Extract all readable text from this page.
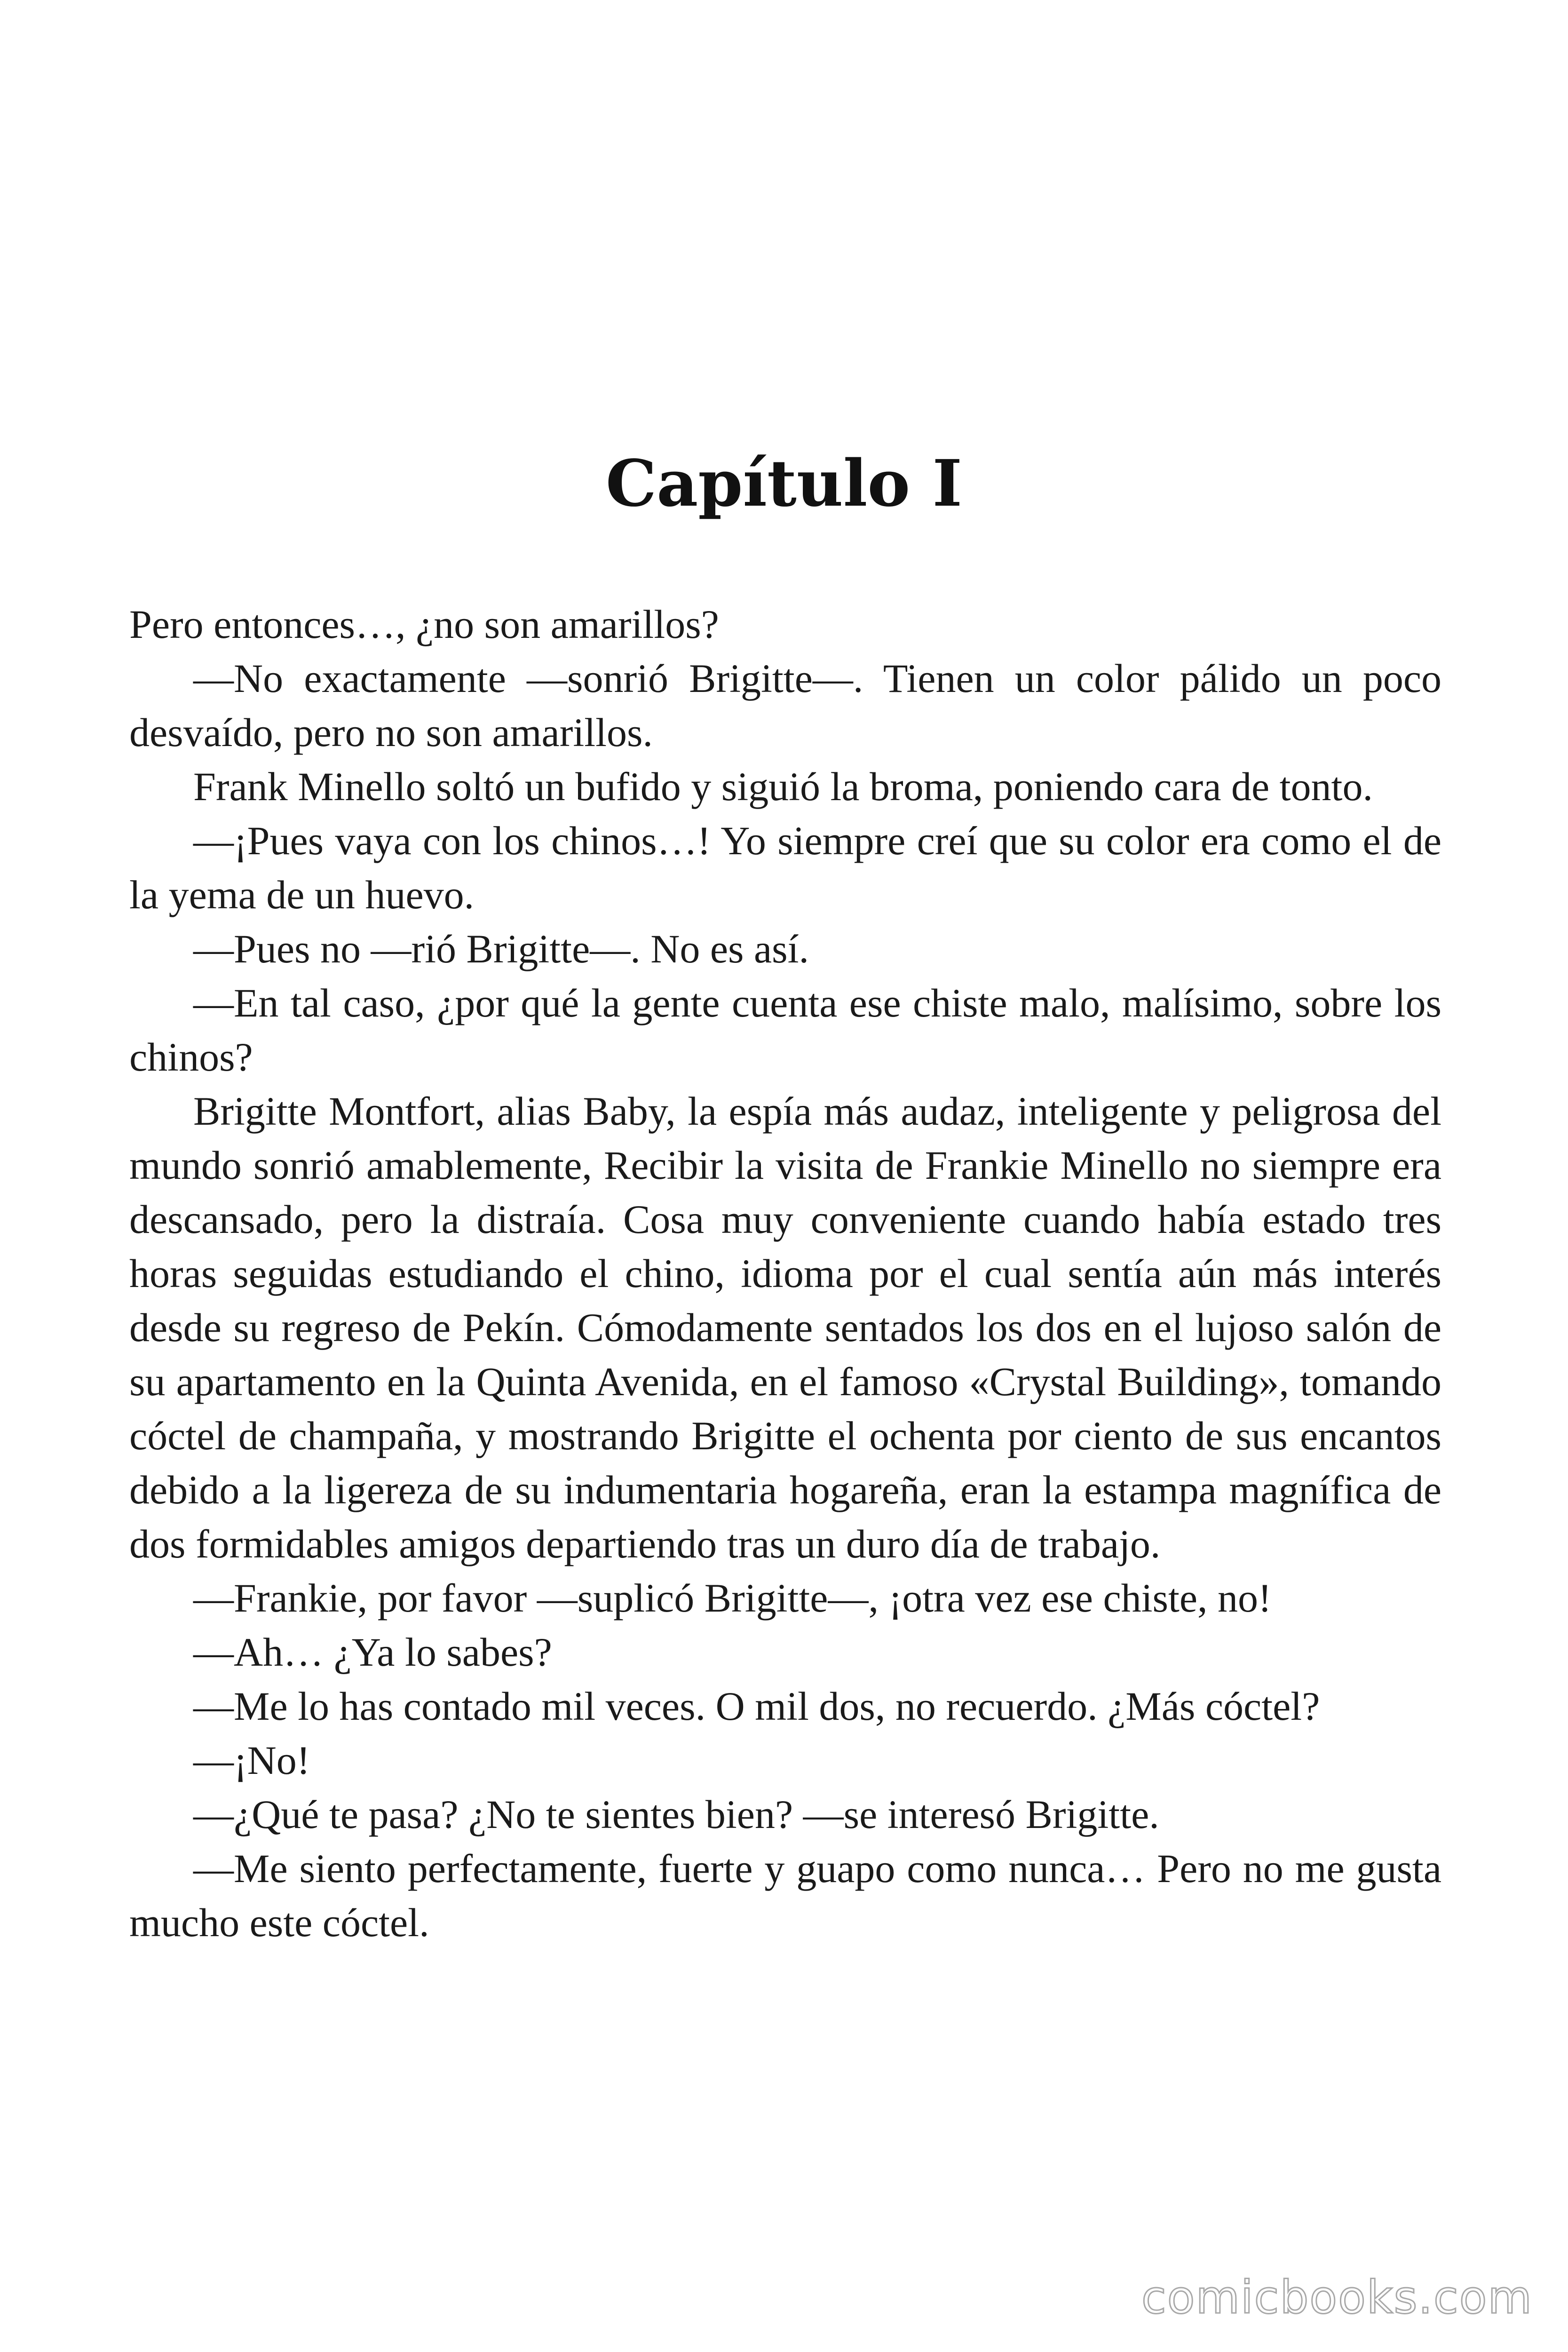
Capítulo I

Pero entonces…, ¿no son amarillos?

—No exactamente —sonrió Brigitte—. Tienen un color pálido un poco desvaído, pero no son amarillos.

Frank Minello soltó un bufido y siguió la broma, poniendo cara de tonto.

—¡Pues vaya con los chinos…! Yo siempre creí que su color era como el de la yema de un huevo.

—Pues no —rió Brigitte—. No es así.

—En tal caso, ¿por qué la gente cuenta ese chiste malo, malísimo, sobre los chinos?

Brigitte Montfort, alias Baby, la espía más audaz, inteligente y peligrosa del mundo sonrió amablemente, Recibir la visita de Frankie Minello no siempre era descansado, pero la distraía. Cosa muy conveniente cuando había estado tres horas seguidas estudiando el chino, idioma por el cual sentía aún más interés desde su regreso de Pekín. Cómodamente sentados los dos en el lujoso salón de su apartamento en la Quinta Avenida, en el famoso «Crystal Building», tomando cóctel de champaña, y mostrando Brigitte el ochenta por ciento de sus encantos debido a la ligereza de su indumentaria hogareña, eran la estampa magnífica de dos formidables amigos departiendo tras un duro día de trabajo.

—Frankie, por favor —suplicó Brigitte—, ¡otra vez ese chiste, no!

—Ah… ¿Ya lo sabes?

—Me lo has contado mil veces. O mil dos, no recuerdo. ¿Más cóctel?

—¡No!

—¿Qué te pasa? ¿No te sientes bien? —se interesó Brigitte.

—Me siento perfectamente, fuerte y guapo como nunca… Pero no me gusta mucho este cóctel.

comicbooks.com
